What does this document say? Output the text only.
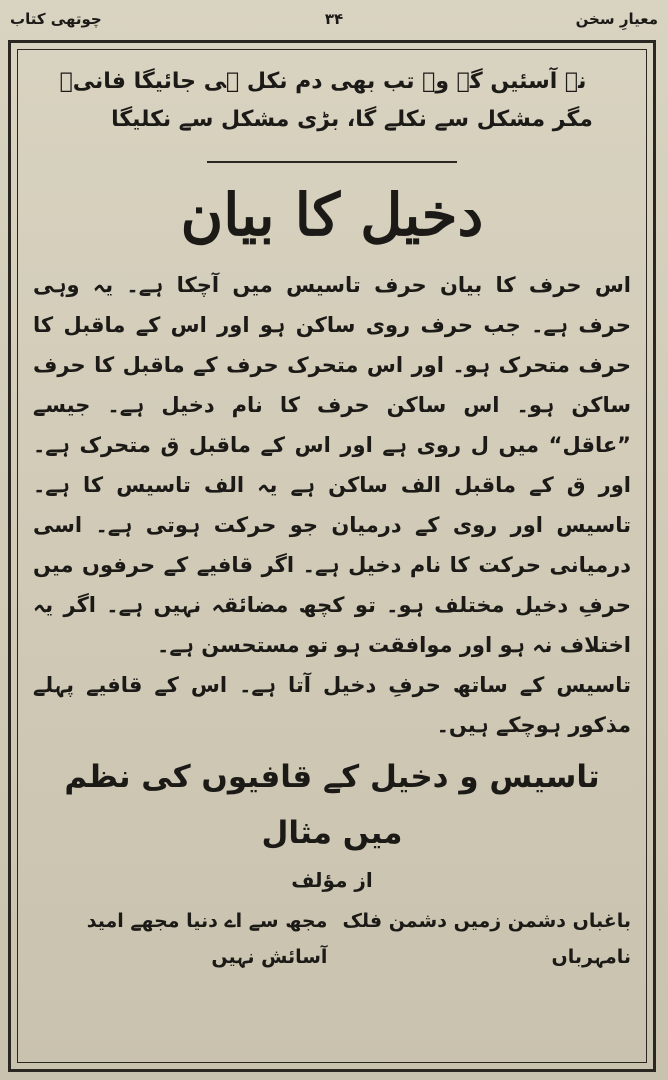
معیارِ سخن
۳۴
چوتھی کتاب
نہ آسئیں گے وہ تب بھی دم نکل ہی جائیگا فانیؔ
مگر مشکل سے نکلے گا، بڑی مشکل سے نکلیگا
دخیل کا بیان
اس حرف کا بیان حرف تاسیس میں آچکا ہے۔ یہ وہی حرف ہے۔ جب حرف روی ساکن ہو اور اس کے ماقبل کا حرف متحرک ہو۔ اور اس متحرک حرف کے ماقبل کا حرف ساکن ہو۔ اس ساکن حرف کا نام دخیل ہے۔ جیسے ”عاقل“ میں ل روی ہے اور اس کے ماقبل ق متحرک ہے۔ اور ق کے ماقبل الف ساکن ہے یہ الف تاسیس کا ہے۔ تاسیس اور روی کے درمیان جو حرکت ہوتی ہے۔ اسی درمیانی حرکت کا نام دخیل ہے۔ اگر قافیے کے حرفوں میں حرفِ دخیل مختلف ہو۔ تو کچھ مضائقہ نہیں ہے۔ اگر یہ اختلاف نہ ہو اور موافقت ہو تو مستحسن ہے۔
تاسیس کے ساتھ حرفِ دخیل آتا ہے۔ اس کے قافیے پہلے مذکور ہوچکے ہیں۔
تاسیس و دخیل کے قافیوں کی نظم میں مثال
از مؤلف
باغباں دشمن زمیں دشمن فلک نامہرباں
مجھ سے اے دنیا مجھے امید آسائش نہیں
